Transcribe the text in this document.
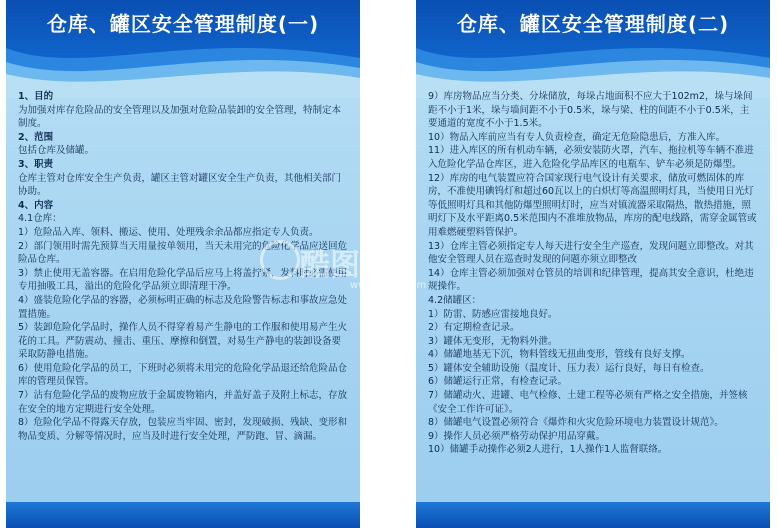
仓库、罐区安全管理制度(一)

1、目的

为加强对库存危险品的安全管理以及加强对危险品装卸的安全管理，特制定本制度。

2、范围

包括仓库及储罐。

3、职责

仓库主管对仓库安全生产负责，罐区主管对罐区安全生产负责，其他相关部门协助。

4、内容

4.1仓库：

1）危险品入库、领料、搬运、使用、处理残余余品都应指定专人负责。

2）部门领用时需先预算当天用量按单领用，当天未用完的危险化学品应送回危险品仓库。

3）禁止使用无盖容器。在启用危险化学品后应马上将盖拧紧，发料时必需使用专用抽吸工具，溢出的危险化学品须立即清理干净。

4）盛装危险化学品的容器，必须标明正确的标志及危险警告标志和事故应急处置措施。

5）装卸危险化学品时，操作人员不得穿着易产生静电的工作服和使用易产生火花的工具。严防震动、撞击、重压、摩擦和倒置，对易生产静电的装卸设备要采取防静电措施。

6）使用危险化学品的员工，下班时必须将未用完的危险化学品退还给危险品仓库的管理员保管。

7）沾有危险化学品的废物应放于金属废物箱内，并盖好盖子及附上标志，存放在安全的地方定期进行安全处理。

8）危险化学品不得露天存放，包装应当牢固、密封，发现破损、残缺、变形和物品变质、分解等情况时，应当及时进行安全处理，严防跑、冒、滴漏。

仓库、罐区安全管理制度(二)

9）库房物品应当分类、分垛储放，每垛占地面积不应大于102m2，垛与垛间距不小于1米，垛与墙间距不小于0.5米，垛与梁、柱的间距不小于0.5米，主要通道的宽度不小于1.5米。

10）物品入库前应当有专人负责检查，确定无危险隐患后，方准入库。

11）进入库区的所有机动车辆，必须安装防火罩，汽车、拖拉机等车辆不准进入危险化学品仓库区，进入危险化学品库区的电瓶车、铲车必须是防爆型。

12）库房的电气装置应符合国家现行电气设计有关要求，储放可燃固体的库房，不准使用碘钨灯和超过60瓦以上的白炽灯等高温照明灯具，当使用日光灯等低照明灯具和其他防爆型照明灯时，应当对镇流器采取隔热，散热措施，照明灯下及水平距离0.5米范围内不准堆放物品，库房的配电线路，需穿金属管或用难燃硬塑料管保护。

13）仓库主管必须指定专人每天进行安全生产巡查，发现问题立即整改。对其他安全管理人员在巡查时发现的问题亦须立即整改

14）仓库主管必须加强对仓管员的培训和纪律管理，提高其安全意识，杜绝违规操作。

4.2储罐区：

1）防雷、防感应雷接地良好。

2）有定期检查记录。

3）罐体无变形，无物料外泄。

4）储罐地基无下沉，物料管线无扭曲变形，管线有良好支撑。

5）罐体安全辅助设施（温度计、压力表）运行良好，每日有检查。

6）储罐运行正常，有检查记录。

7）储罐动火、进罐、电气检修、土建工程等必须有严格之安全措施，并签核《安全工作许可证》。

8）储罐电气设置必须符合《爆炸和火灾危险环境电力装置设计规范》。

9）操作人员必须严格劳动保护用品穿戴。

10）储罐手动操作必须2人进行，1人操作1人监督联络。

酷图网
www.ikutu.com
